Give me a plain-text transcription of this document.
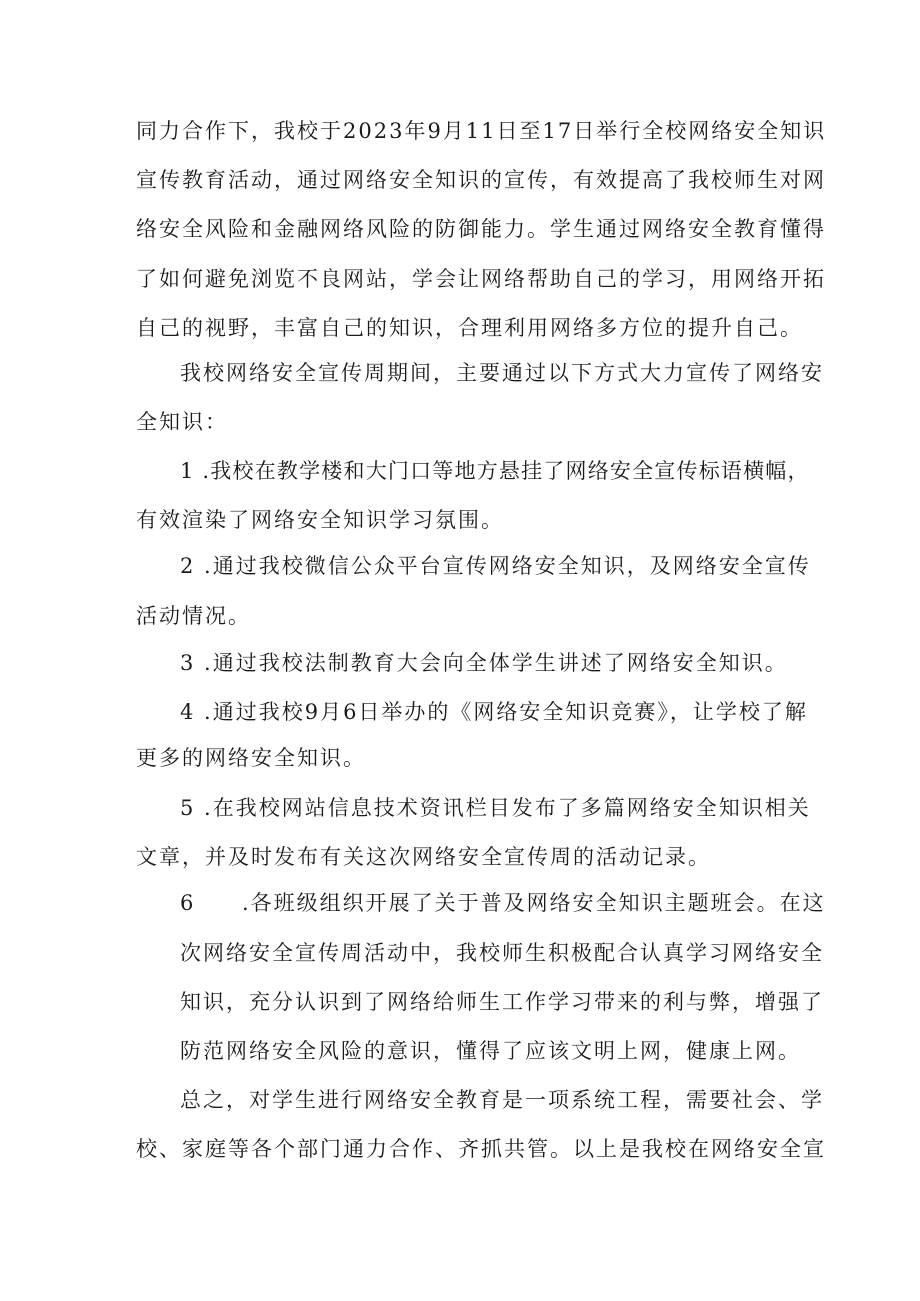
同力合作下，我校于2023年9月11日至17日举行全校网络安全知识
宣传教育活动，通过网络安全知识的宣传，有效提高了我校师生对网
络安全风险和金融网络风险的防御能力。学生通过网络安全教育懂得
了如何避免浏览不良网站，学会让网络帮助自己的学习，用网络开拓
自己的视野，丰富自己的知识，合理利用网络多方位的提升自己。
我校网络安全宣传周期间，主要通过以下方式大力宣传了网络安
全知识：
1 .我校在教学楼和大门口等地方悬挂了网络安全宣传标语横幅，
有效渲染了网络安全知识学习氛围。
2 .通过我校微信公众平台宣传网络安全知识，及网络安全宣传
活动情况。
3 .通过我校法制教育大会向全体学生讲述了网络安全知识。
4 .通过我校9月6日举办的《网络安全知识竞赛》，让学校了解
更多的网络安全知识。
5 .在我校网站信息技术资讯栏目发布了多篇网络安全知识相关
文章，并及时发布有关这次网络安全宣传周的活动记录。
6 .各班级组织开展了关于普及网络安全知识主题班会。在这
次网络安全宣传周活动中，我校师生积极配合认真学习网络安全
知识，充分认识到了网络给师生工作学习带来的利与弊，增强了
防范网络安全风险的意识，懂得了应该文明上网，健康上网。
总之，对学生进行网络安全教育是一项系统工程，需要社会、学
校、家庭等各个部门通力合作、齐抓共管。以上是我校在网络安全宣
